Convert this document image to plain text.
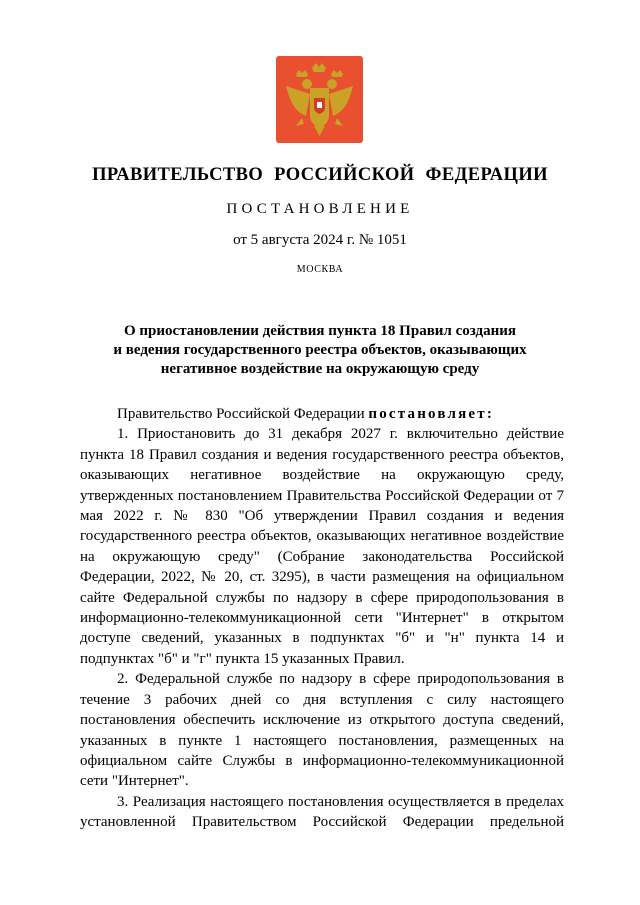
ПРАВИТЕЛЬСТВО РОССИЙСКОЙ ФЕДЕРАЦИИ
ПОСТАНОВЛЕНИЕ
от 5 августа 2024 г. № 1051
МОСКВА
О приостановлении действия пункта 18 Правил создания
и ведения государственного реестра объектов, оказывающих
негативное воздействие на окружающую среду

Правительство Российской Федерации постановляет:

1. Приостановить до 31 декабря 2027 г. включительно действие пункта 18 Правил создания и ведения государственного реестра объектов, оказывающих негативное воздействие на окружающую среду, утвержденных постановлением Правительства Российской Федерации от 7 мая 2022 г. № 830 "Об утверждении Правил создания и ведения государственного реестра объектов, оказывающих негативное воздействие на окружающую среду" (Собрание законодательства Российской Федерации, 2022, № 20, ст. 3295), в части размещения на официальном сайте Федеральной службы по надзору в сфере природопользования в информационно-телекоммуникационной сети "Интернет" в открытом доступе сведений, указанных в подпунктах "б" и "н" пункта 14 и подпунктах "б" и "г" пункта 15 указанных Правил.

2. Федеральной службе по надзору в сфере природопользования в течение 3 рабочих дней со дня вступления с силу настоящего постановления обеспечить исключение из открытого доступа сведений, указанных в пункте 1 настоящего постановления, размещенных на официальном сайте Службы в информационно-телекоммуникационной сети "Интернет".

3. Реализация настоящего постановления осуществляется в пределах установленной Правительством Российской Федерации предельной
